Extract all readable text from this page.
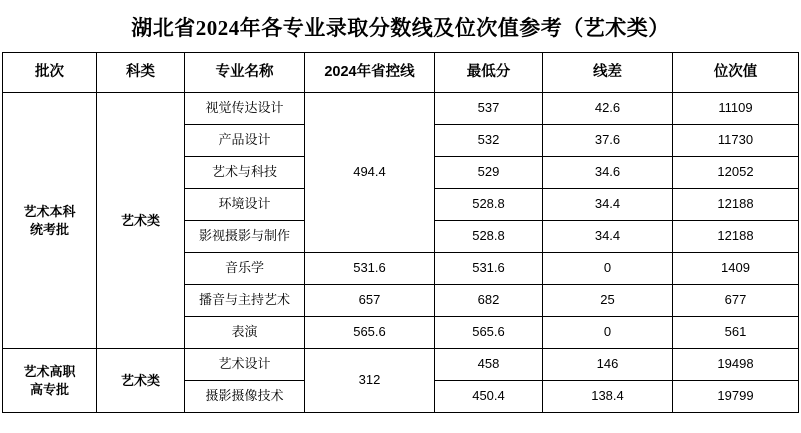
湖北省2024年各专业录取分数线及位次值参考（艺术类）
批次	科类	专业名称	2024年省控线	最低分	线差	位次值

艺术本科
统考批	艺术类	视觉传达设计	494.4	537	42.6	11109
		产品设计		532	37.6	11730
		艺术与科技		529	34.6	12052
		环境设计		528.8	34.4	12188
		影视摄影与制作		528.8	34.4	12188
		音乐学	531.6	531.6	0	1409
		播音与主持艺术	657	682	25	677
		表演	565.6	565.6	0	561

艺术高职
高专批	艺术类	艺术设计	312	458	146	19498
		摄影摄像技术		450.4	138.4	19799
